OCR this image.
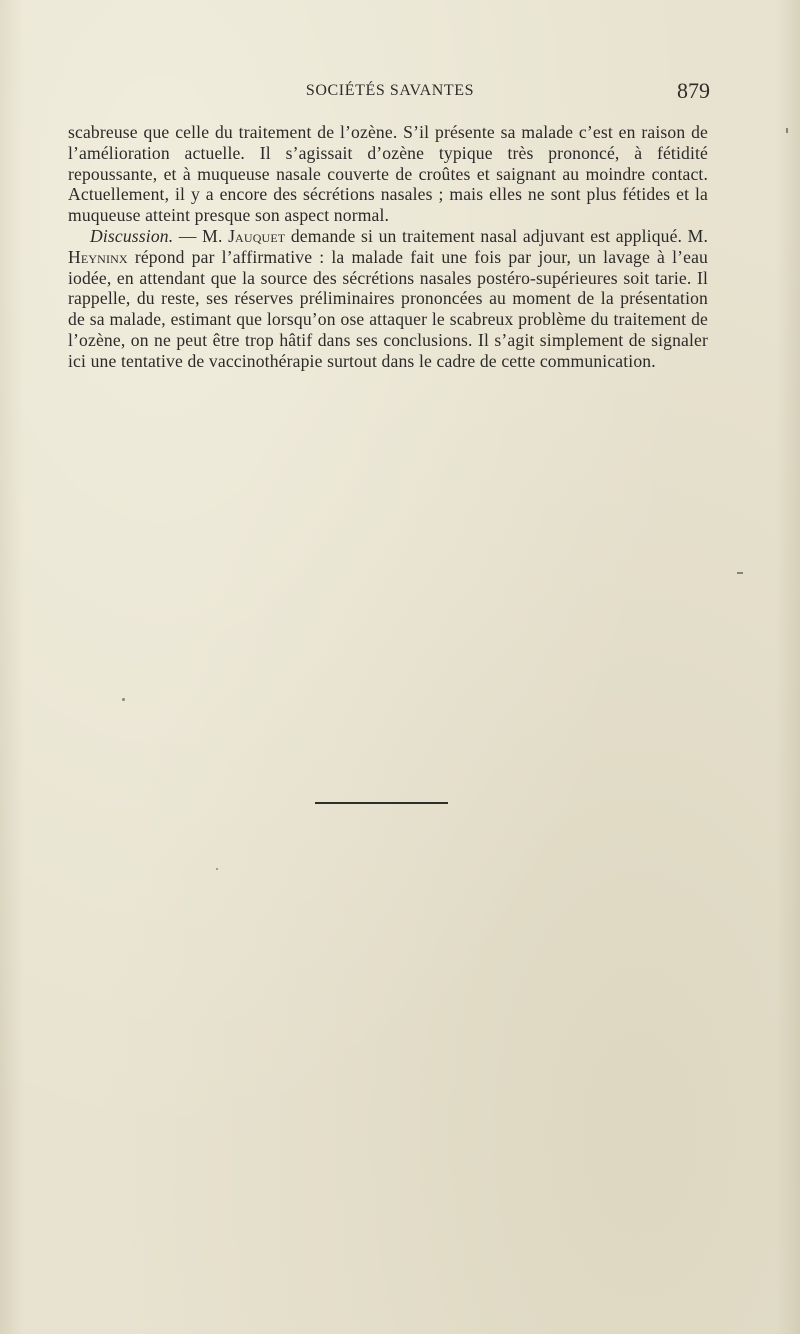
SOCIÉTÉS SAVANTES	879

scabreuse que celle du traitement de l’ozène. S’il présente sa malade c’est en raison de l’amélioration actuelle. Il s’agissait d’ozène typique très prononcé, à fétidité repoussante, et à muqueuse nasale couverte de croûtes et saignant au moindre contact. Actuellement, il y a encore des sécrétions nasales ; mais elles ne sont plus fétides et la muqueuse atteint presque son aspect normal.

Discussion. — M. Jauquet demande si un traitement nasal adjuvant est appliqué. M. Heyninx répond par l’affirmative : la malade fait une fois par jour, un lavage à l’eau iodée, en attendant que la source des sécrétions nasales postéro-supérieures soit tarie. Il rappelle, du reste, ses réserves préliminaires prononcées au moment de la présentation de sa malade, estimant que lorsqu’on ose attaquer le scabreux problème du traitement de l’ozène, on ne peut être trop hâtif dans ses conclusions. Il s’agit simplement de signaler ici une tentative de vaccinothérapie surtout dans le cadre de cette communication.
